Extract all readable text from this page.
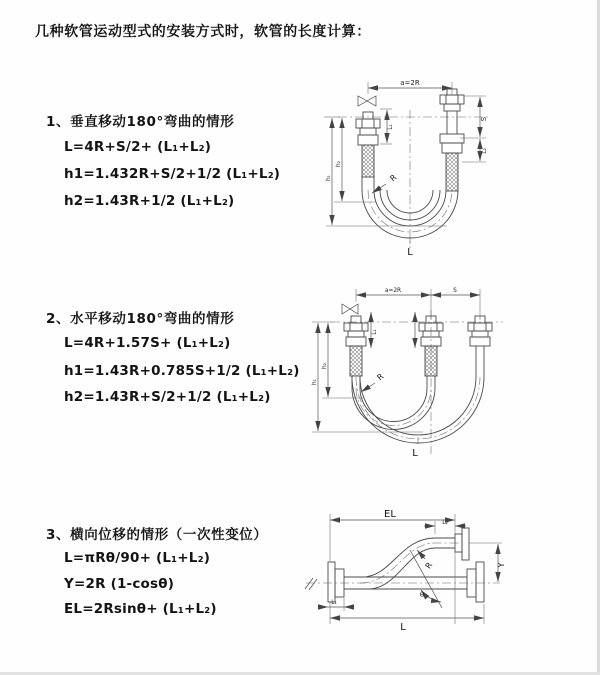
几种软管运动型式的安装方式时，软管的长度计算：
1、垂直移动180°弯曲的情形
L=4R+S/2+ (L₁+L₂)
h1=1.432R+S/2+1/2 (L₁+L₂)
h2=1.43R+1/2 (L₁+L₂)
2、水平移动180°弯曲的情形
L=4R+1.57S+ (L₁+L₂)
h1=1.43R+0.785S+1/2 (L₁+L₂)
h2=1.43R+S/2+1/2 (L₁+L₂)
3、横向位移的情形（一次性变位）
L=πRθ/90+ (L₁+L₂)
Y=2R (1-cosθ)
EL=2Rsinθ+ (L₁+L₂)
a=2R
h₁
h₂
L₁
S
L₂
R
L
a=2R	S
h₁
h₂
L₁
R
L
θ
R
EL
L₂
Y
L
L₁
